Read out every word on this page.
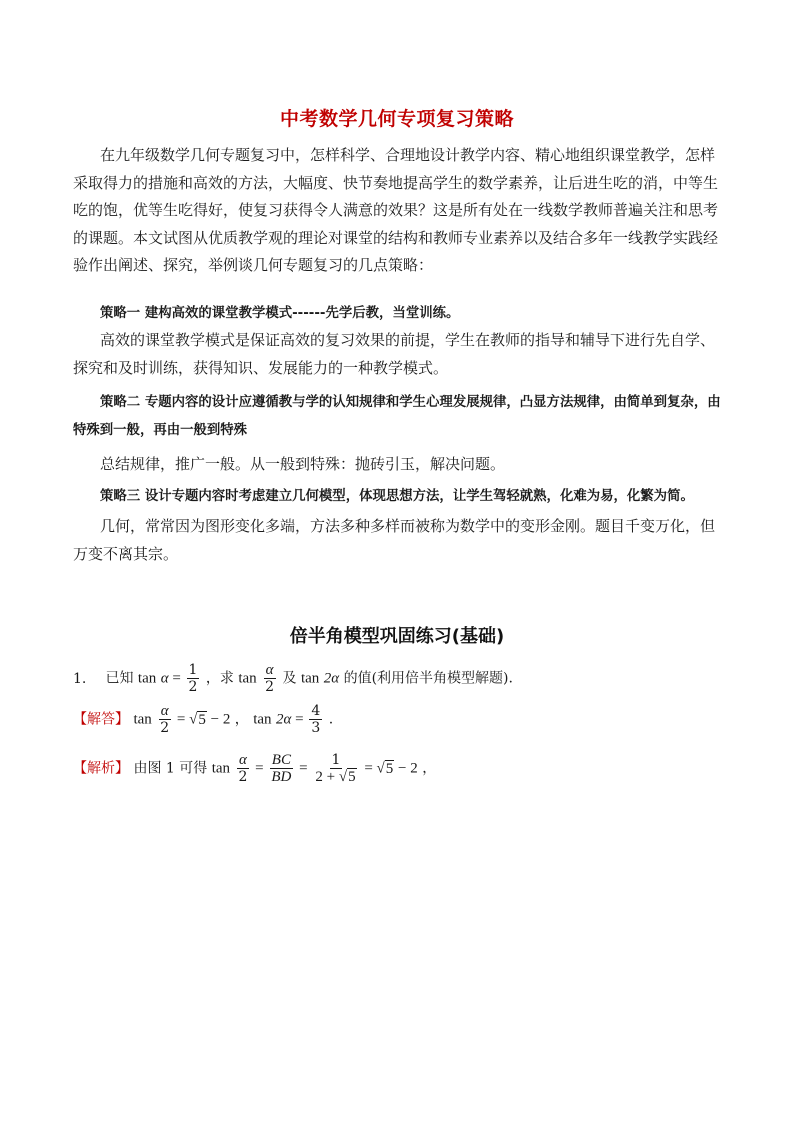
中考数学几何专项复习策略

在九年级数学几何专题复习中，怎样科学、合理地设计教学内容、精心地组织课堂教学，怎样采取得力的措施和高效的方法，大幅度、快节奏地提高学生的数学素养，让后进生吃的消，中等生吃的饱，优等生吃得好，使复习获得令人满意的效果？这是所有处在一线数学教师普遍关注和思考的课题。本文试图从优质教学观的理论对课堂的结构和教师专业素养以及结合多年一线教学实践经验作出阐述、探究，举例谈几何专题复习的几点策略：

策略一 建构高效的课堂教学模式------先学后教，当堂训练。

高效的课堂教学模式是保证高效的复习效果的前提，学生在教师的指导和辅导下进行先自学、探究和及时训练，获得知识、发展能力的一种教学模式。

策略二 专题内容的设计应遵循教与学的认知规律和学生心理发展规律，凸显方法规律，由简单到复杂，由特殊到一般，再由一般到特殊

总结规律，推广一般。从一般到特殊：抛砖引玉，解决问题。

策略三 设计专题内容时考虑建立几何模型，体现思想方法，让学生驾轻就熟，化难为易，化繁为简。

几何，常常因为图形变化多端，方法多种多样而被称为数学中的变形金刚。题目千变万化，但万变不离其宗。

倍半角模型巩固练习(基础)
1. 已知 $\tan \alpha = \frac{1}{2}$ ，求 $\tan \frac{\alpha}{2}$ 及 tan 2α 的值(利用倍半角模型解题).
【解答】 $\tan \frac{\alpha}{2} = √5 - 2$ ， $\tan 2\alpha = \frac{4}{3}$ .
【解析】 由图 1 可得 $\tan \frac{\alpha}{2} = \frac{BC}{BD} = \frac{1}{2 + √5} = √5 - 2$ ，
